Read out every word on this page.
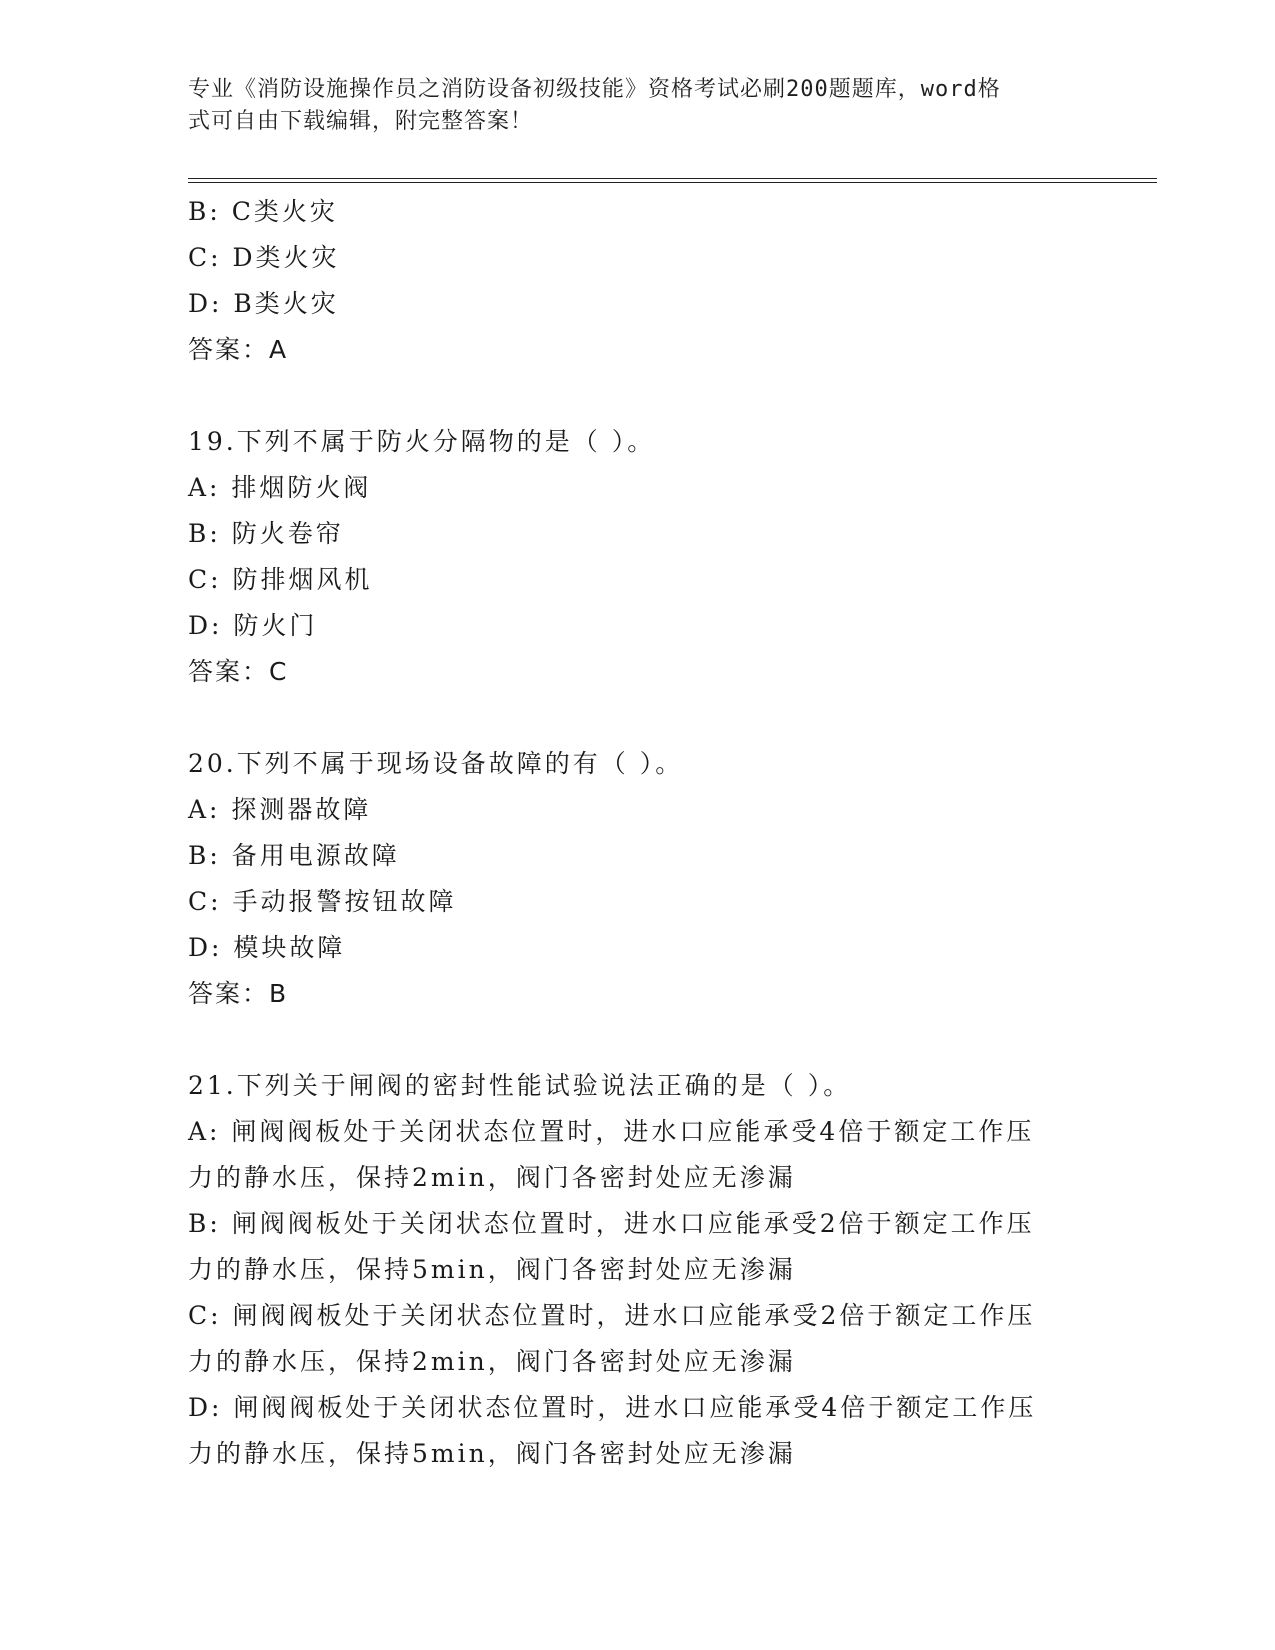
专业《消防设施操作员之消防设备初级技能》资格考试必刷200题题库，word格
式可自由下载编辑，附完整答案！

B: C类火灾

C: D类火灾

D: B类火灾

答案：A

19.下列不属于防火分隔物的是（ ）。

A: 排烟防火阀

B: 防火卷帘

C: 防排烟风机

D: 防火门

答案：C

20.下列不属于现场设备故障的有（ ）。

A: 探测器故障

B: 备用电源故障

C: 手动报警按钮故障

D: 模块故障

答案：B

21.下列关于闸阀的密封性能试验说法正确的是（ ）。

A: 闸阀阀板处于关闭状态位置时，进水口应能承受4倍于额定工作压

力的静水压，保持2min，阀门各密封处应无渗漏

B: 闸阀阀板处于关闭状态位置时，进水口应能承受2倍于额定工作压

力的静水压，保持5min，阀门各密封处应无渗漏

C: 闸阀阀板处于关闭状态位置时，进水口应能承受2倍于额定工作压

力的静水压，保持2min，阀门各密封处应无渗漏

D: 闸阀阀板处于关闭状态位置时，进水口应能承受4倍于额定工作压

力的静水压，保持5min，阀门各密封处应无渗漏
